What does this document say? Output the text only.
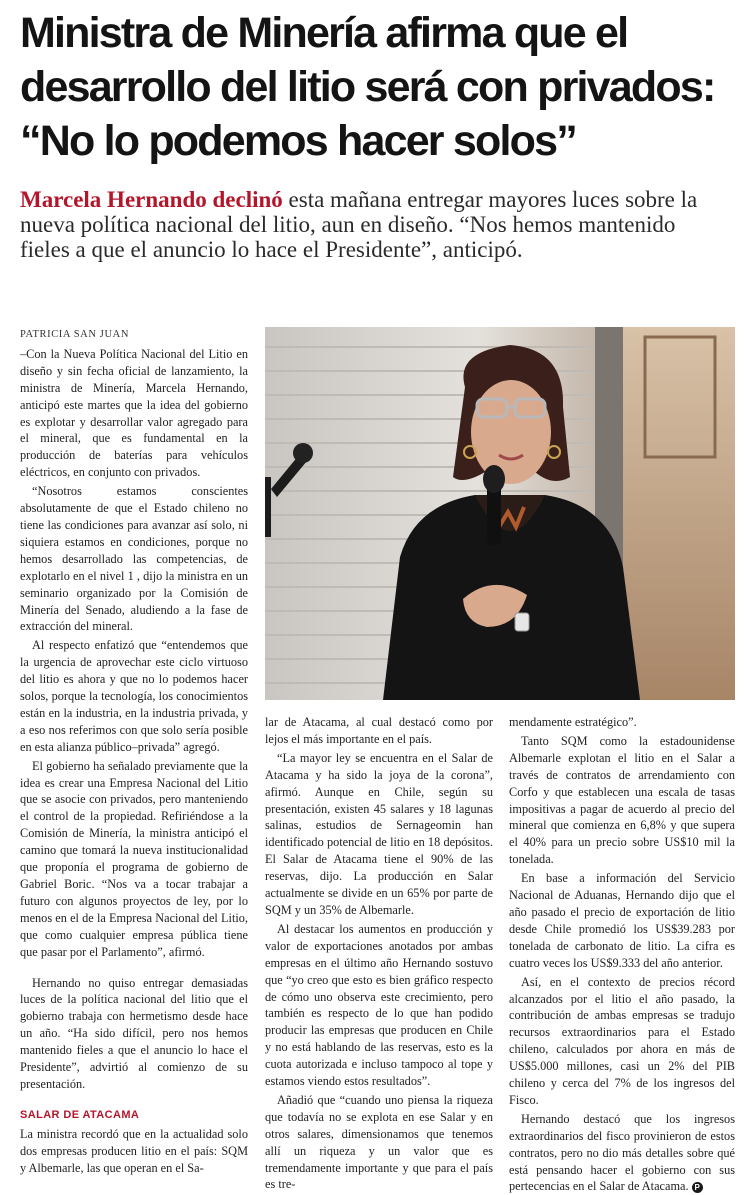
Ministra de Minería afirma que el
desarrollo del litio será con privados:
“No lo podemos hacer solos”
Marcela Hernando declinó esta mañana entregar mayores luces sobre la
nueva política nacional del litio, aun en diseño. “Nos hemos mantenido
fieles a que el anuncio lo hace el Presidente”, anticipó.

PATRICIA SAN JUAN

–Con la Nueva Política Nacional del Litio en diseño y sin fecha oficial de lanzamiento, la ministra de Minería, Marcela Hernando, anticipó este martes que la idea del gobierno es explotar y desarrollar valor agregado para el mineral, que es fundamental en la producción de baterías para vehículos eléctricos, en conjunto con privados.

“Nosotros estamos conscientes absolutamente de que el Estado chileno no tiene las condiciones para avanzar así solo, ni siquiera estamos en condiciones, porque no hemos desarrollado las competencias, de explotarlo en el nivel 1 , dijo la ministra en un seminario organizado por la Comisión de Minería del Senado, aludiendo a la fase de extracción del mineral.

Al respecto enfatizó que “entendemos que la urgencia de aprovechar este ciclo virtuoso del litio es ahora y que no lo podemos hacer solos, porque la tecnología, los conocimientos están en la industria, en la industria privada, y a eso nos referimos con que solo sería posible en esta alianza público–privada” agregó.

El gobierno ha señalado previamente que la idea es crear una Empresa Nacional del Litio que se asocie con privados, pero manteniendo el control de la propiedad. Refiriéndose a la Comisión de Minería, la ministra anticipó el camino que tomará la nueva institucionalidad que proponía el programa de gobierno de Gabriel Boric. “Nos va a tocar trabajar a futuro con algunos proyectos de ley, por lo menos en el de la Empresa Nacional del Litio, que como cualquier empresa pública tiene que pasar por el Parlamento”, afirmó.

Hernando no quiso entregar demasiadas luces de la política nacional del litio que el gobierno trabaja con hermetismo desde hace un año. “Ha sido difícil, pero nos hemos mantenido fieles a que el anuncio lo hace el Presidente”, advirtió al comienzo de su presentación.

SALAR DE ATACAMA

La ministra recordó que en la actualidad solo dos empresas producen litio en el país: SQM y Albemarle, las que operan en el Sa-

lar de Atacama, al cual destacó como por lejos el más importante en el país.

“La mayor ley se encuentra en el Salar de Atacama y ha sido la joya de la corona”, afirmó. Aunque en Chile, según su presentación, existen 45 salares y 18 lagunas salinas, estudios de Sernageomin han identificado potencial de litio en 18 depósitos. El Salar de Atacama tiene el 90% de las reservas, dijo. La producción en Salar actualmente se divide en un 65% por parte de SQM y un 35% de Albemarle.

Al destacar los aumentos en producción y valor de exportaciones anotados por ambas empresas en el último año Hernando sostuvo que “yo creo que esto es bien gráfico respecto de cómo uno observa este crecimiento, pero también es respecto de lo que han podido producir las empresas que producen en Chile y no está hablando de las reservas, esto es la cuota autorizada e incluso tampoco al tope y estamos viendo estos resultados”.

Añadió que “cuando uno piensa la riqueza que todavía no se explota en ese Salar y en otros salares, dimensionamos que tenemos allí un riqueza y un valor que es tremendamente importante y que para el país es tre-

mendamente estratégico”.

Tanto SQM como la estadounidense Albemarle explotan el litio en el Salar a través de contratos de arrendamiento con Corfo y que establecen una escala de tasas impositivas a pagar de acuerdo al precio del mineral que comienza en 6,8% y que supera el 40% para un precio sobre US$10 mil la tonelada.

En base a información del Servicio Nacional de Aduanas, Hernando dijo que el año pasado el precio de exportación de litio desde Chile promedió los US$39.283 por tonelada de carbonato de litio. La cifra es cuatro veces los US$9.333 del año anterior.

Así, en el contexto de precios récord alcanzados por el litio el año pasado, la contribución de ambas empresas se tradujo recursos extraordinarios para el Estado chileno, calculados por ahora en más de US$5.000 millones, casi un 2% del PIB chileno y cerca del 7% de los ingresos del Fisco.

Hernando destacó que los ingresos extraordinarios del fisco provinieron de estos contratos, pero no dio más detalles sobre qué está pensando hacer el gobierno con sus pertecencias en el Salar de Atacama. P
